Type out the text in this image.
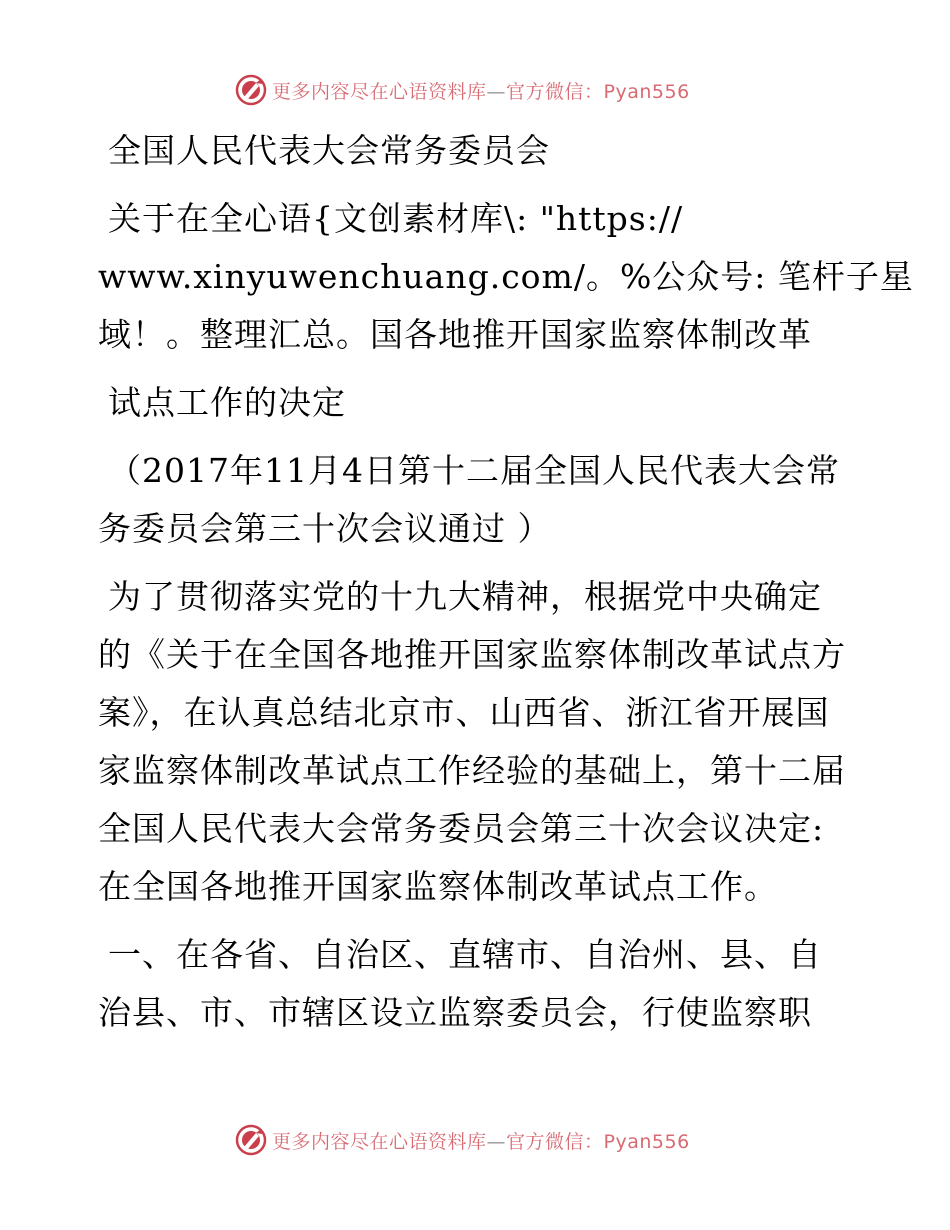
更多内容尽在心语资料库—官方微信：Pyan556
全国人民代表大会常务委员会
关于在全心语{文创素材库\: "https://
www.xinyuwenchuang.com/。%公众号: 笔杆子星
域！。整理汇总。国各地推开国家监察体制改革
试点工作的决定
（2017年11月4日第十二届全国人民代表大会常
务委员会第三十次会议通过 ）
为了贯彻落实党的十九大精神，根据党中央确定
的《关于在全国各地推开国家监察体制改革试点方
案》，在认真总结北京市、山西省、浙江省开展国
家监察体制改革试点工作经验的基础上，第十二届
全国人民代表大会常务委员会第三十次会议决定:
在全国各地推开国家监察体制改革试点工作。
一、在各省、自治区、直辖市、自治州、县、自
治县、市、市辖区设立监察委员会，行使监察职
更多内容尽在心语资料库—官方微信：Pyan556
